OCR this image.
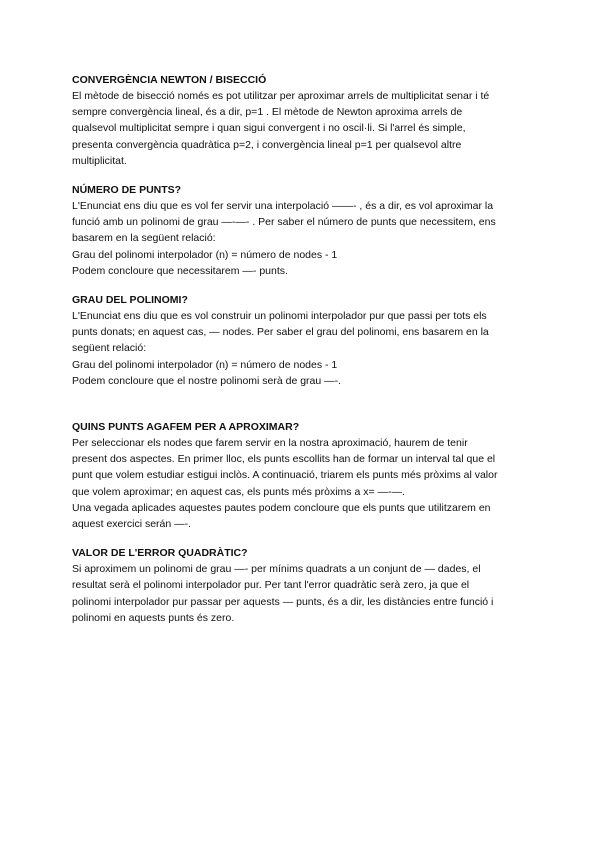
CONVERGÈNCIA NEWTON / BISECCIÓ

El mètode de bisecció només es pot utilitzar per aproximar arrels de multiplicitat senar i té

sempre convergència lineal, és a dir, p=1 . El mètode de Newton aproxima arrels de

qualsevol multiplicitat sempre i quan sigui convergent i no oscil·li. Si l'arrel és simple,

presenta convergència quadràtica p=2, i convergència lineal p=1 per qualsevol altre

multiplicitat.

NÚMERO DE PUNTS?

L'Enunciat ens diu que es vol fer servir una interpolació ——- , és a dir, es vol aproximar la

funció amb un polinomi de grau —-—- . Per saber el número de punts que necessitem, ens

basarem en la següent relació:

Grau del polinomi interpolador (n) = número de nodes - 1

Podem concloure que necessitarem —- punts.

GRAU DEL POLINOMI?

L'Enunciat ens diu que es vol construir un polinomi interpolador pur que passi per tots els

punts donats; en aquest cas, — nodes. Per saber el grau del polinomi, ens basarem en la

següent relació:

Grau del polinomi interpolador (n) = número de nodes - 1

Podem concloure que el nostre polinomi serà de grau —-.

QUINS PUNTS AGAFEM PER A APROXIMAR?

Per seleccionar els nodes que farem servir en la nostra aproximació, haurem de tenir

present dos aspectes. En primer lloc, els punts escollits han de formar un interval tal que el

punt que volem estudiar estigui inclòs. A continuació, triarem els punts més pròxims al valor

que volem aproximar; en aquest cas, els punts més pròxims a x= —-—.

Una vegada aplicades aquestes pautes podem concloure que els punts que utilitzarem en

aquest exercici serán —-.

VALOR DE L'ERROR QUADRÀTIC?

Si aproximem un polinomi de grau —- per mínims quadrats a un conjunt de — dades, el

resultat serà el polinomi interpolador pur. Per tant l'error quadràtic serà zero, ja que el

polinomi interpolador pur passar per aquests — punts, és a dir, les distàncies entre funció i

polinomi en aquests punts és zero.
